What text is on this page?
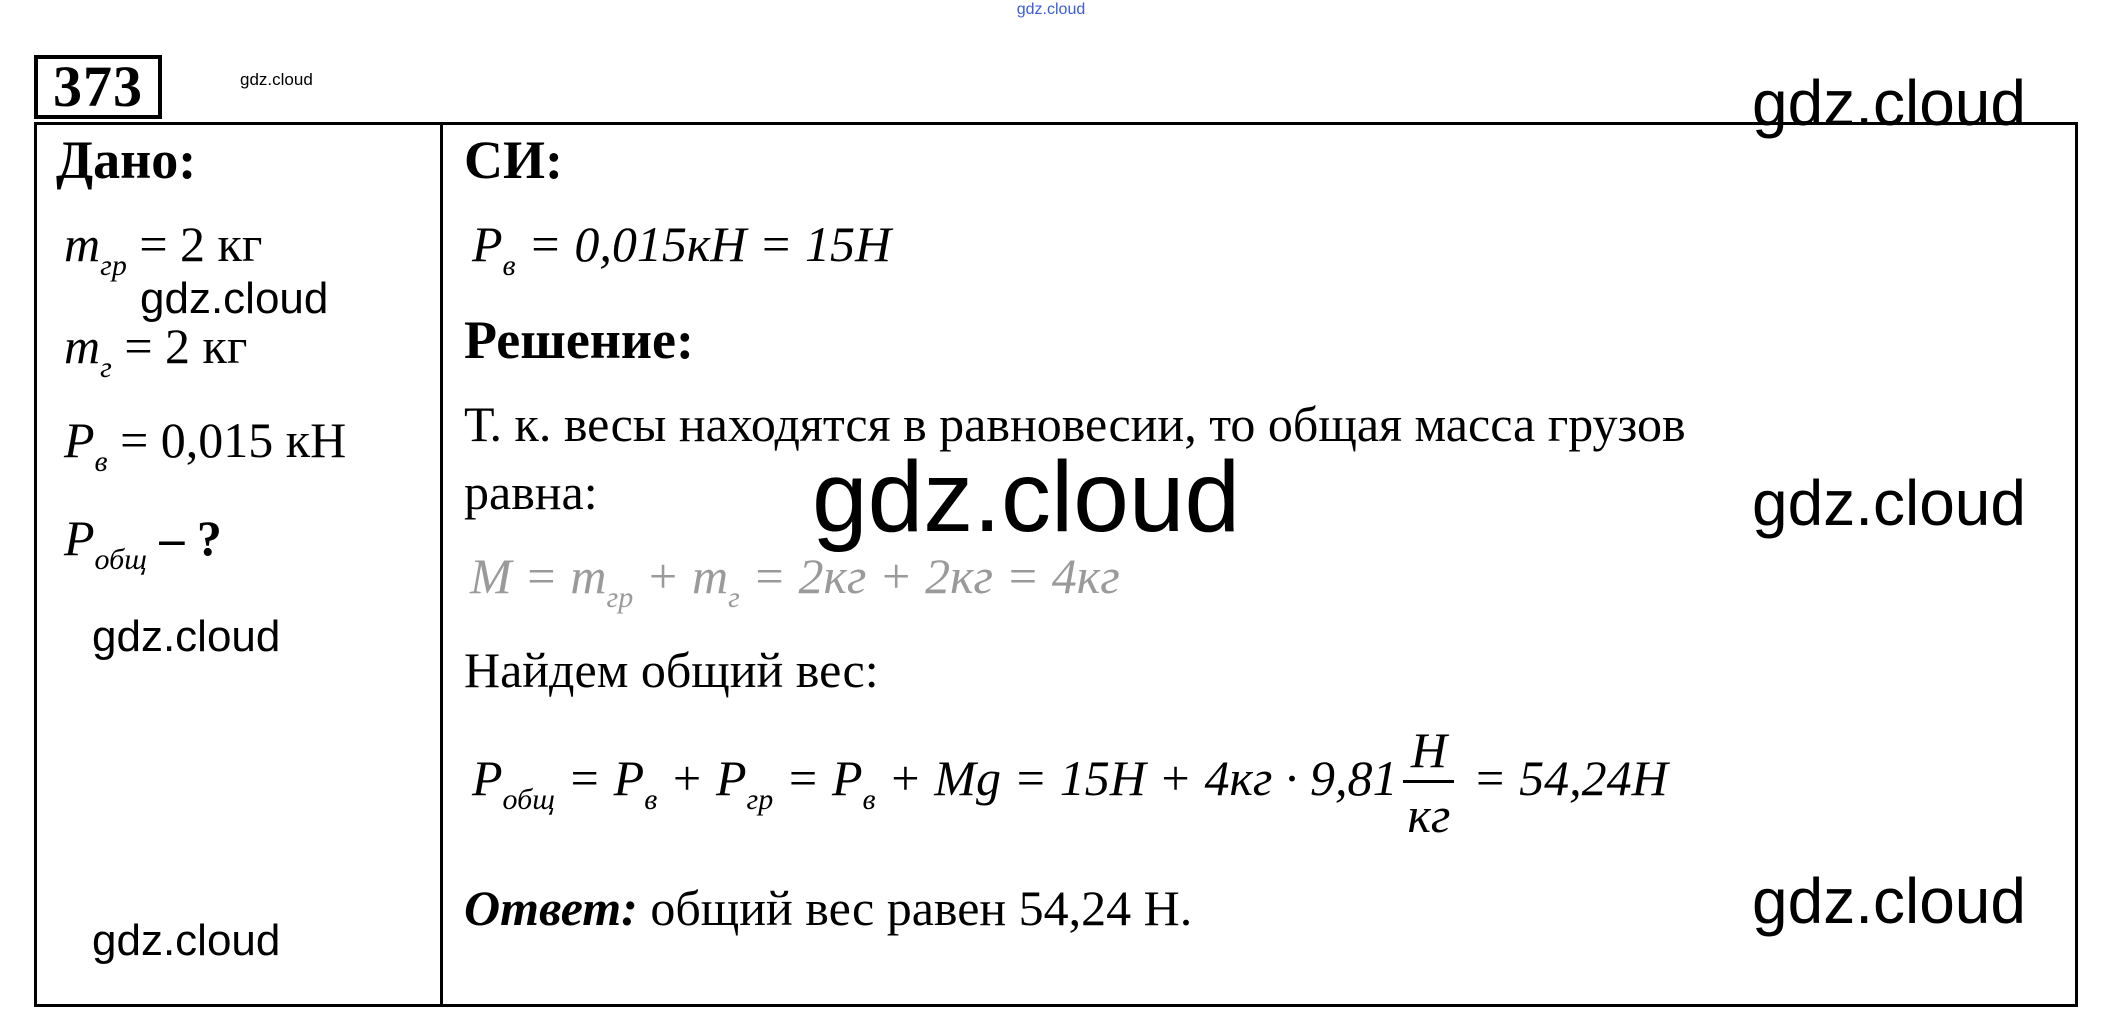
gdz.cloud
373	gdz.cloud
Дано:
$m_{гр} = 2$ кг
$m_г = 2$ кг
$P_в = 0,015$ кН
$P_{общ}$ – ?
СИ:
$P_в = 0,015кН = 15Н$
Решение:
Т. к. весы находятся в равновесии, то общая масса грузов
равна:
$M = m_{гр} + m_г = 2кг + 2кг = 4кг$
Найдем общий вес:
$P_{общ} = P_в + P_{гр} = P_в + Mg = 15H + 4кг \cdot 9,81 \frac{H}{кг} = 54,24H$
Ответ: общий вес равен 54,24 Н.
gdz.cloud
gdz.cloud
gdz.cloud	gdz.cloud
gdz.cloud
gdz.cloud
gdz.cloud
